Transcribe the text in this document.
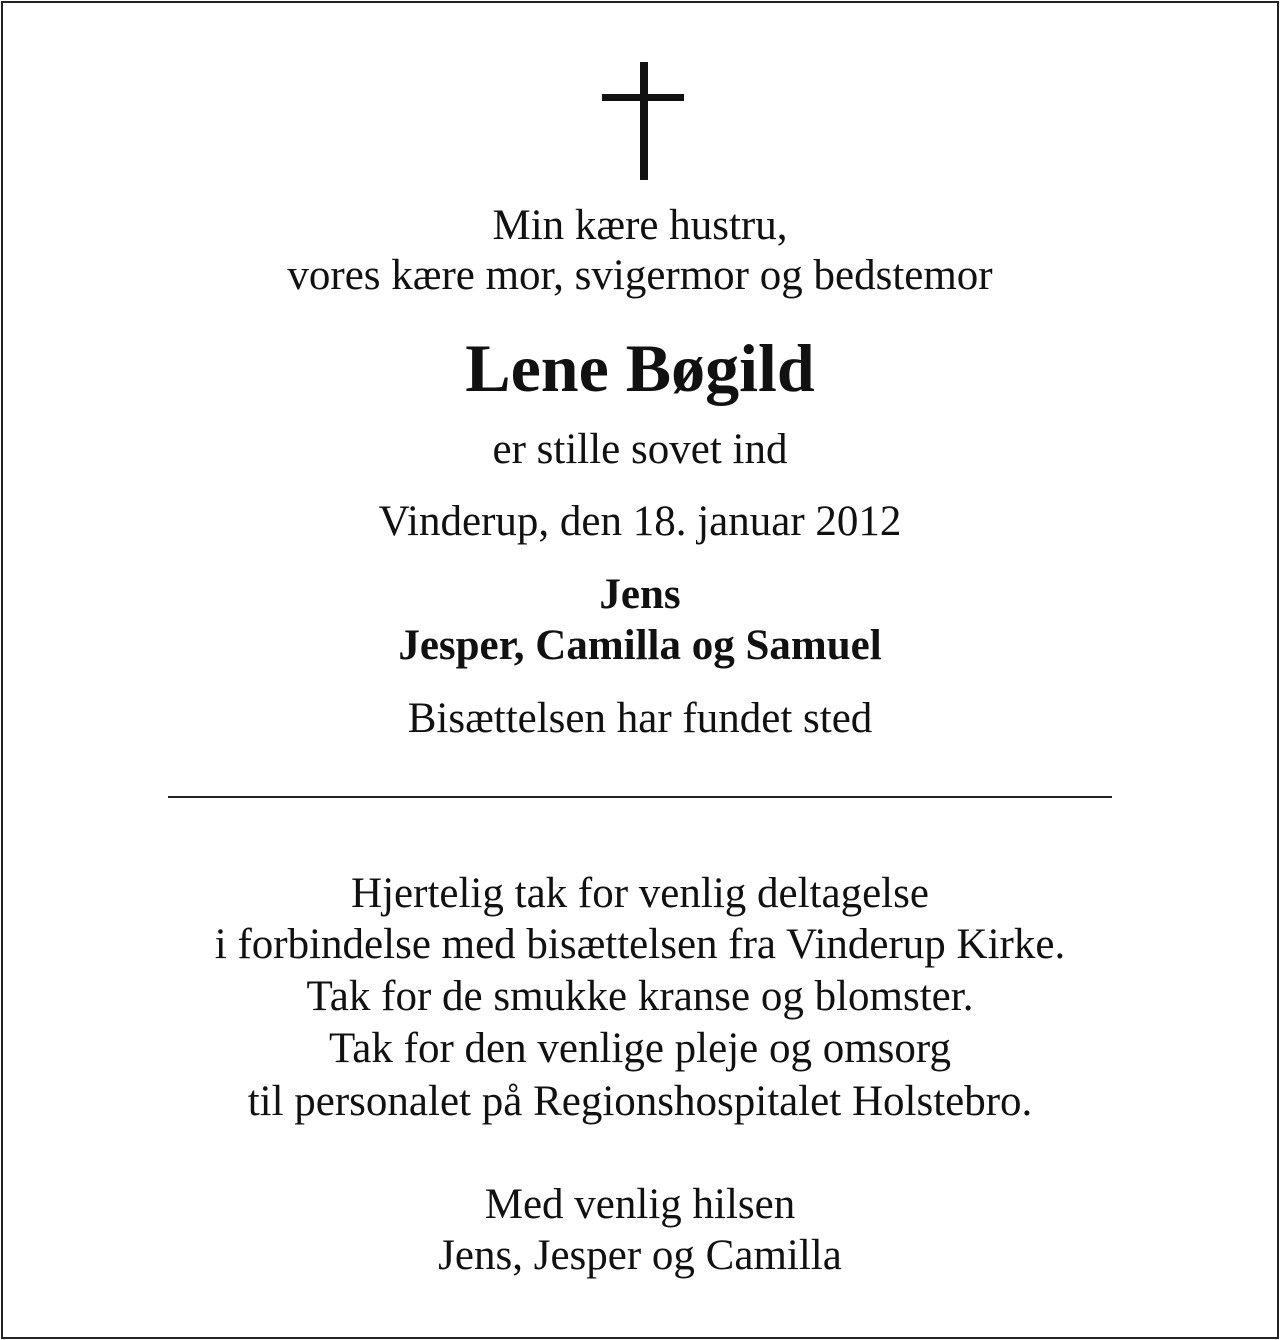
Min kære hustru,
vores kære mor, svigermor og bedstemor
Lene Bøgild
er stille sovet ind
Vinderup, den 18. januar 2012
Jens
Jesper, Camilla og Samuel
Bisættelsen har fundet sted
Hjertelig tak for venlig deltagelse
i forbindelse med bisættelsen fra Vinderup Kirke.
Tak for de smukke kranse og blomster.
Tak for den venlige pleje og omsorg
til personalet på Regionshospitalet Holstebro.
Med venlig hilsen
Jens, Jesper og Camilla
